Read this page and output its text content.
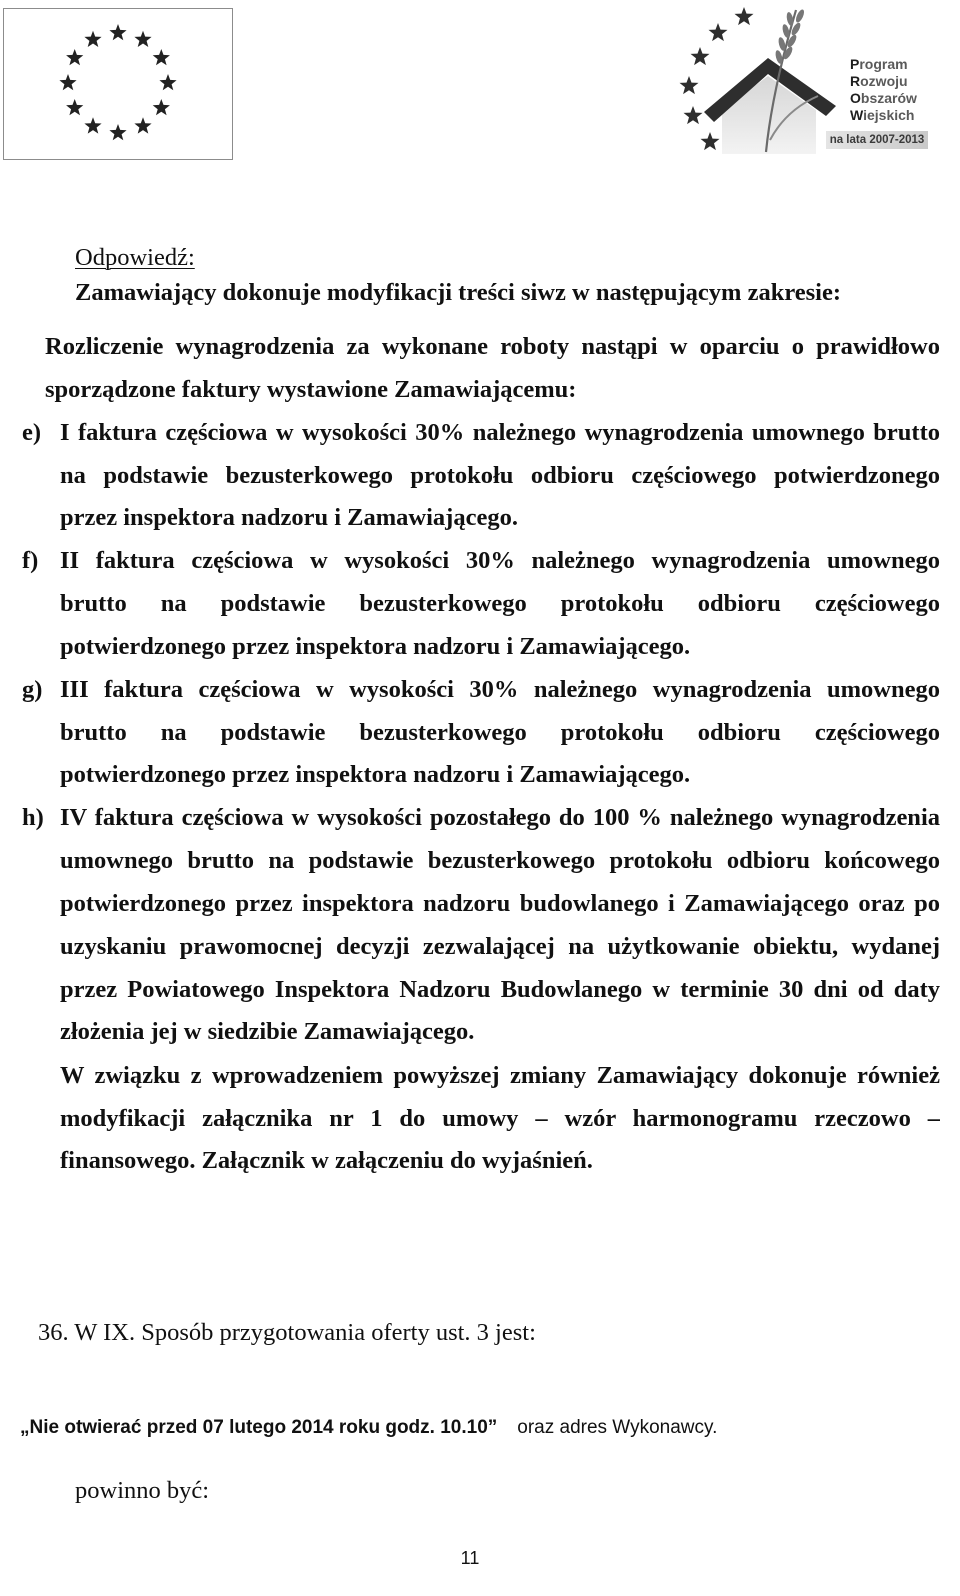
Program
Rozwoju
Obszarów
Wiejskich
na lata 2007-2013
Odpowiedź:
Zamawiający dokonuje modyfikacji treści siwz w następującym zakresie:
Rozliczenie wynagrodzenia za wykonane roboty nastąpi w oparciu o prawidłowo
sporządzone faktury wystawione Zamawiającemu:
e) I faktura częściowa w wysokości 30% należnego wynagrodzenia umownego brutto
na podstawie bezusterkowego protokołu odbioru częściowego potwierdzonego
przez inspektora nadzoru i Zamawiającego.
f) II faktura częściowa w wysokości 30% należnego wynagrodzenia umownego
brutto na podstawie bezusterkowego protokołu odbioru częściowego
potwierdzonego przez inspektora nadzoru i Zamawiającego.
g) III faktura częściowa w wysokości 30% należnego wynagrodzenia umownego
brutto na podstawie bezusterkowego protokołu odbioru częściowego
potwierdzonego przez inspektora nadzoru i Zamawiającego.
h) IV faktura częściowa w wysokości pozostałego do 100 % należnego wynagrodzenia
umownego brutto na podstawie bezusterkowego protokołu odbioru końcowego
potwierdzonego przez inspektora nadzoru budowlanego i Zamawiającego oraz po
uzyskaniu prawomocnej decyzji zezwalającej na użytkowanie obiektu, wydanej
przez Powiatowego Inspektora Nadzoru Budowlanego w terminie 30 dni od daty
złożenia jej w siedzibie Zamawiającego.
W związku z wprowadzeniem powyższej zmiany Zamawiający dokonuje również
modyfikacji załącznika nr 1 do umowy – wzór harmonogramu rzeczowo –
finansowego. Załącznik w załączeniu do wyjaśnień.
36. W IX. Sposób przygotowania oferty ust. 3 jest:
„Nie otwierać przed 07 lutego 2014 roku godz. 10.10” oraz adres Wykonawcy.
powinno być:
11
